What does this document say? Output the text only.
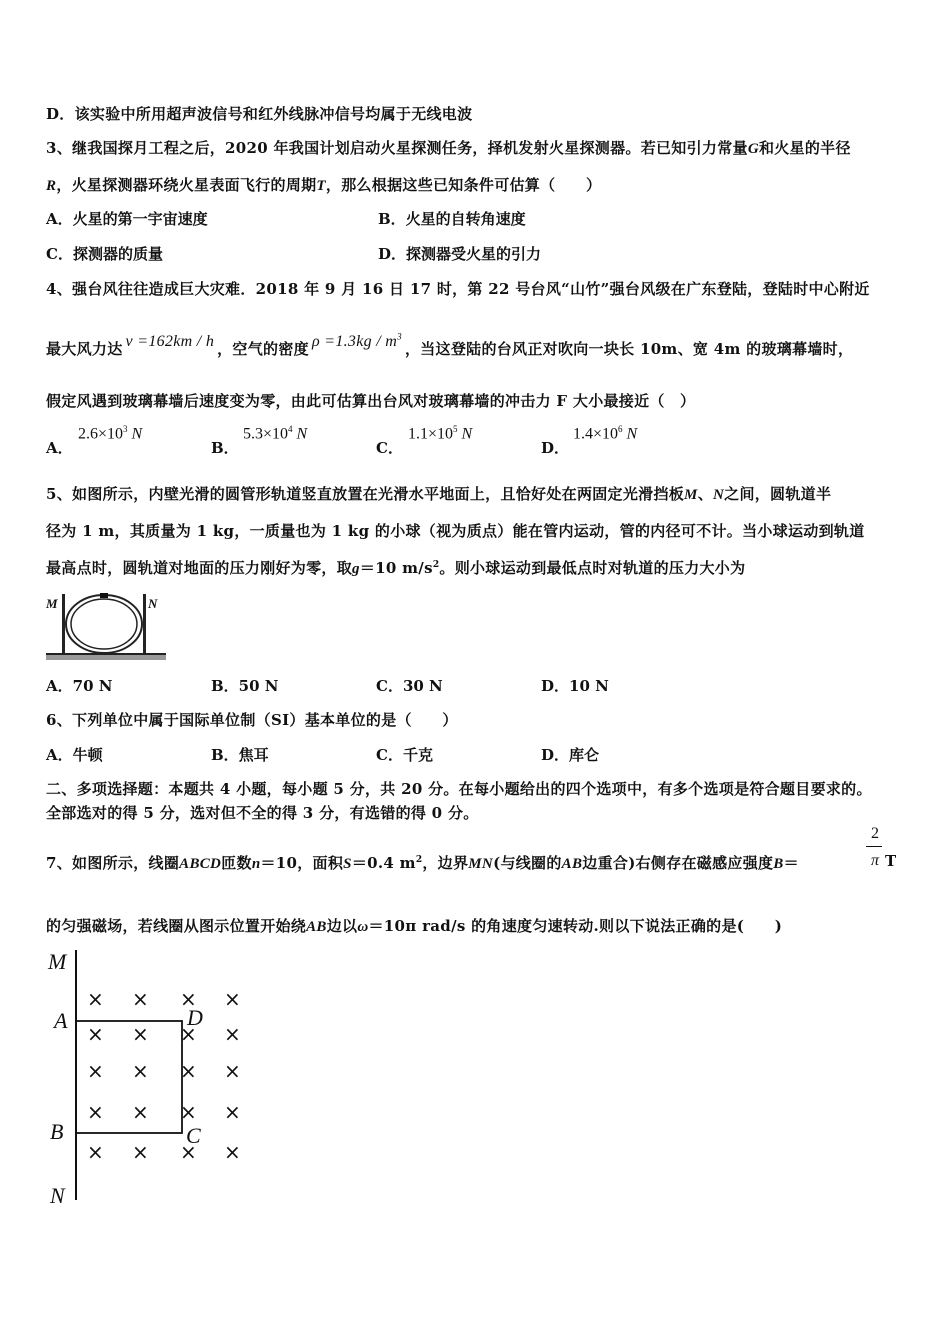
D．该实验中所用超声波信号和红外线脉冲信号均属于无线电波
3、继我国探月工程之后，2020 年我国计划启动火星探测任务，择机发射火星探测器。若已知引力常量G和火星的半径
R，火星探测器环绕火星表面飞行的周期T，那么根据这些已知条件可估算（　　）
A．火星的第一宇宙速度	B．火星的自转角速度
C．探测器的质量	D．探测器受火星的引力
4、强台风往往造成巨大灾难．2018 年 9 月 16 日 17 时，第 22 号台风“山竹”强台风级在广东登陆，登陆时中心附近
最大风力达 v =162km / h ，空气的密度 $\rho =1.3kg / m^3$，当这登陆的台风正对吹向一块长 10m、宽 4m 的玻璃幕墙时，
假定风遇到玻璃幕墙后速度变为零，由此可估算出台风对玻璃幕墙的冲击力 F 大小最接近（　）
A．
$2.6\times 10^3$ N
B．
$5.3\times 10^4$ N
C．
$1.1\times 10^5$ N
D．
$1.4\times 10^6$ N
5、如图所示，内壁光滑的圆管形轨道竖直放置在光滑水平地面上，且恰好处在两固定光滑挡板M、N之间，圆轨道半
径为 1 m，其质量为 1 kg，一质量也为 1 kg 的小球（视为质点）能在管内运动，管的内径可不计。当小球运动到轨道
最高点时，圆轨道对地面的压力刚好为零，取g＝10 $m/s^2$。则小球运动到最低点时对轨道的压力大小为
M	N
A．70 N	B．50 N	C．30 N	D．10 N
6、下列单位中属于国际单位制（SI）基本单位的是（　　）
A．牛顿	B．焦耳	C．千克	D．库仑
二、多项选择题：本题共 4 小题，每小题 5 分，共 20 分。在每小题给出的四个选项中，有多个选项是符合题目要求的。
全部选对的得 5 分，选对但不全的得 3 分，有选错的得 0 分。
7、如图所示，线圈ABCD匝数n＝10，面积S＝0.4 $m^2$，边界MN(与线圈的AB边重合)右侧存在磁感应强度B＝
2
π T
的匀强磁场，若线圈从图示位置开始绕AB边以ω＝10π rad/s 的角速度匀速转动.则以下说法正确的是(　　)
M
A	D
B	C
N
× × × ×
× × × ×
× × × ×
× × × ×
× × × ×
